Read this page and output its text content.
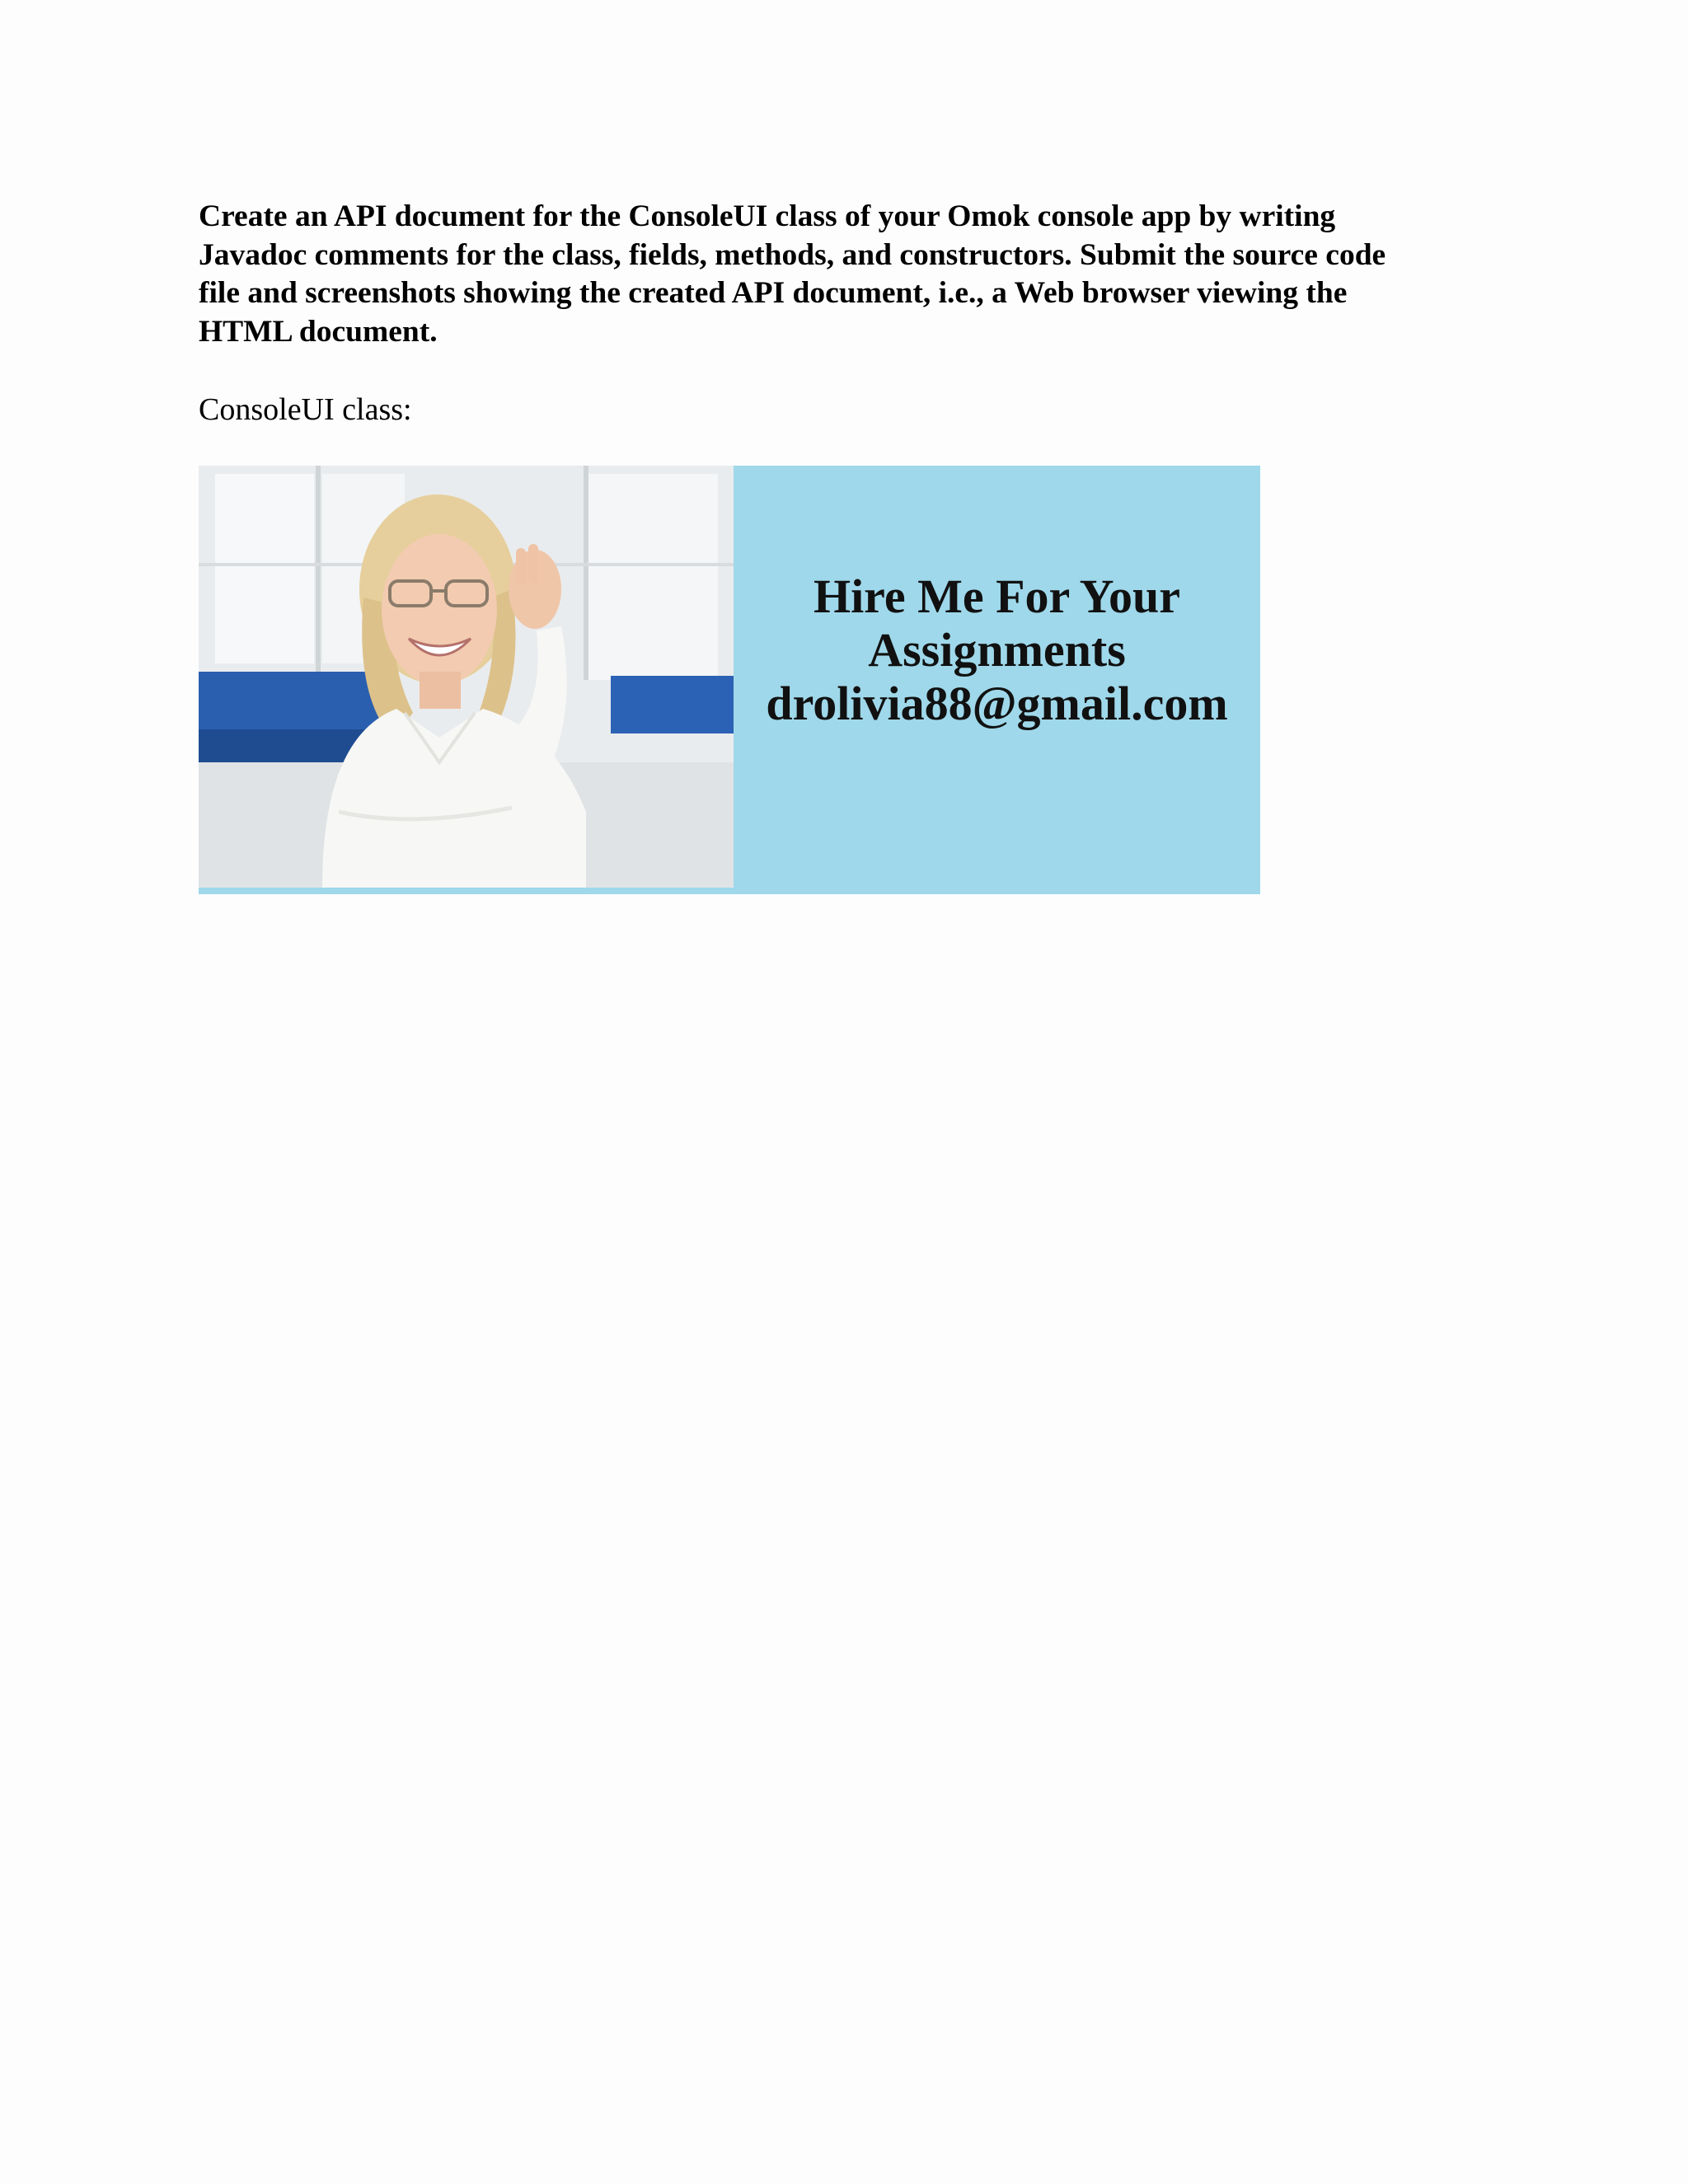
Create an API document for the ConsoleUI class of your Omok console app by writing
Javadoc comments for the class, fields, methods, and constructors. Submit the source code
file and screenshots showing the created API document, i.e., a Web browser viewing the
HTML document.

ConsoleUI class:

Hire Me For Your
Assignments
drolivia88@gmail.com
